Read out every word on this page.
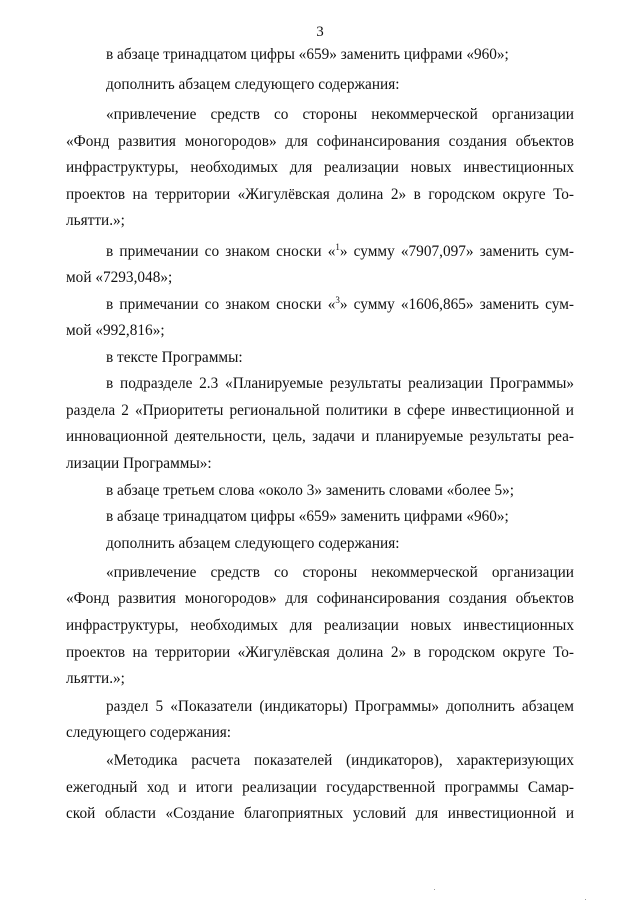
3

в абзаце тринадцатом цифры «659» заменить цифрами «960»;

дополнить абзацем следующего содержания:

«привлечение средств со стороны некоммерческой организации

«Фонд развития моногородов» для софинансирования создания объектов

инфраструктуры, необходимых для реализации новых инвестиционных

проектов на территории «Жигулёвская долина 2» в городском округе То-

льятти.»;

в примечании со знаком сноски «$^1$» сумму «7907,097» заменить сум-

мой «7293,048»;

в примечании со знаком сноски «$^3$» сумму «1606,865» заменить сум-

мой «992,816»;

в тексте Программы:

в подразделе 2.3 «Планируемые результаты реализации Программы»

раздела 2 «Приоритеты региональной политики в сфере инвестиционной и

инновационной деятельности, цель, задачи и планируемые результаты реа-

лизации Программы»:

в абзаце третьем слова «около 3» заменить словами «более 5»;

в абзаце тринадцатом цифры «659» заменить цифрами «960»;

дополнить абзацем следующего содержания:

«привлечение средств со стороны некоммерческой организации

«Фонд развития моногородов» для софинансирования создания объектов

инфраструктуры, необходимых для реализации новых инвестиционных

проектов на территории «Жигулёвская долина 2» в городском округе То-

льятти.»;

раздел 5 «Показатели (индикаторы) Программы» дополнить абзацем

следующего содержания:

«Методика расчета показателей (индикаторов), характеризующих

ежегодный ход и итоги реализации государственной программы Самар-

ской области «Создание благоприятных условий для инвестиционной и
